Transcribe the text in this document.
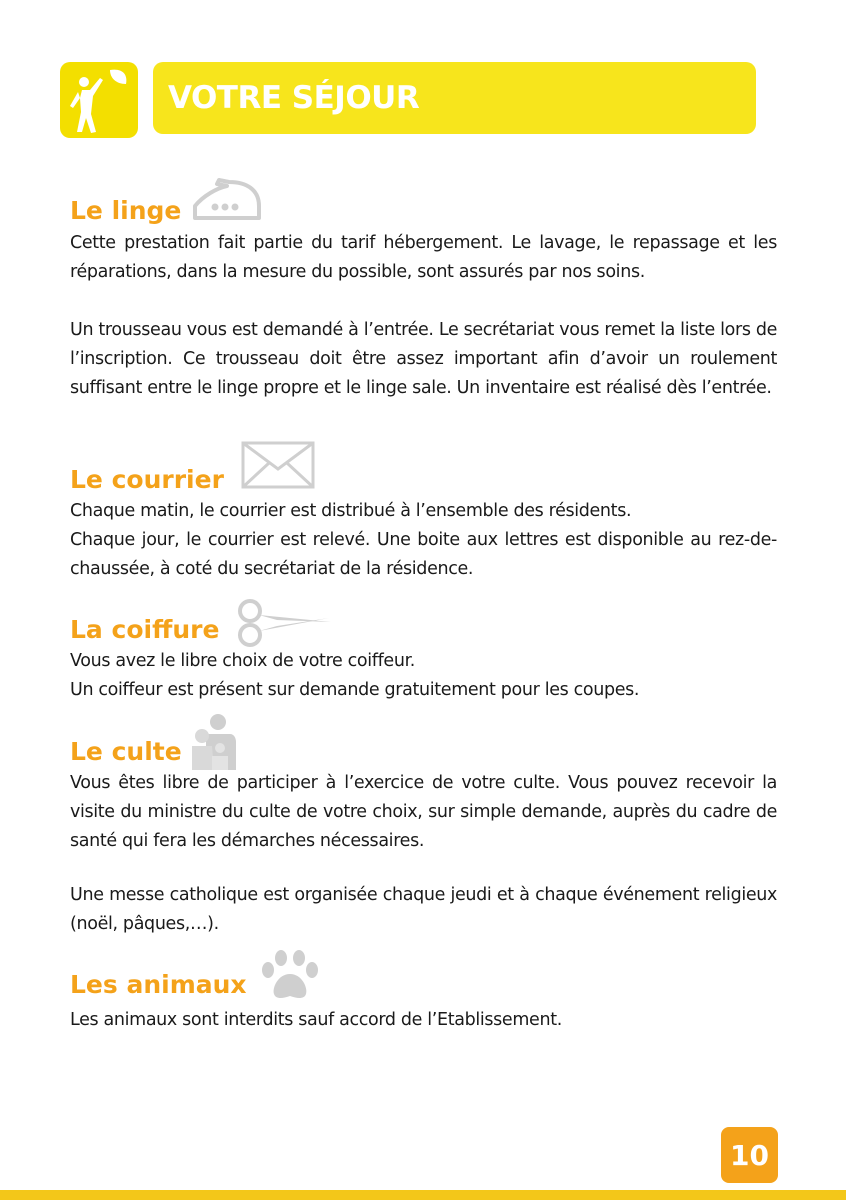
VOTRE SÉJOUR
Le linge
Cette prestation fait partie du tarif hébergement. Le lavage, le repassage et les réparations, dans la mesure du possible, sont assurés par nos soins.
Un trousseau vous est demandé à l’entrée. Le secrétariat vous remet la liste lors de l’inscription. Ce trousseau doit être assez important afin d’avoir un roulement suffisant entre le linge propre et le linge sale. Un inventaire est réalisé dès l’entrée.
Le courrier
Chaque matin, le courrier est distribué à l’ensemble des résidents.
Chaque jour, le courrier est relevé. Une boite aux lettres est disponible au rez-de-chaussée, à coté du secrétariat de la résidence.
La coiffure
Vous avez le libre choix de votre coiffeur.
Un coiffeur est présent sur demande gratuitement pour les coupes.
Le culte
Vous êtes libre de participer à l’exercice de votre culte. Vous pouvez recevoir la visite du ministre du culte de votre choix, sur simple demande, auprès du cadre de santé qui fera les démarches nécessaires.
Une messe catholique est organisée chaque jeudi et à chaque événement religieux (noël, pâques,…).
Les animaux
Les animaux sont interdits sauf accord de l’Etablissement.
10
